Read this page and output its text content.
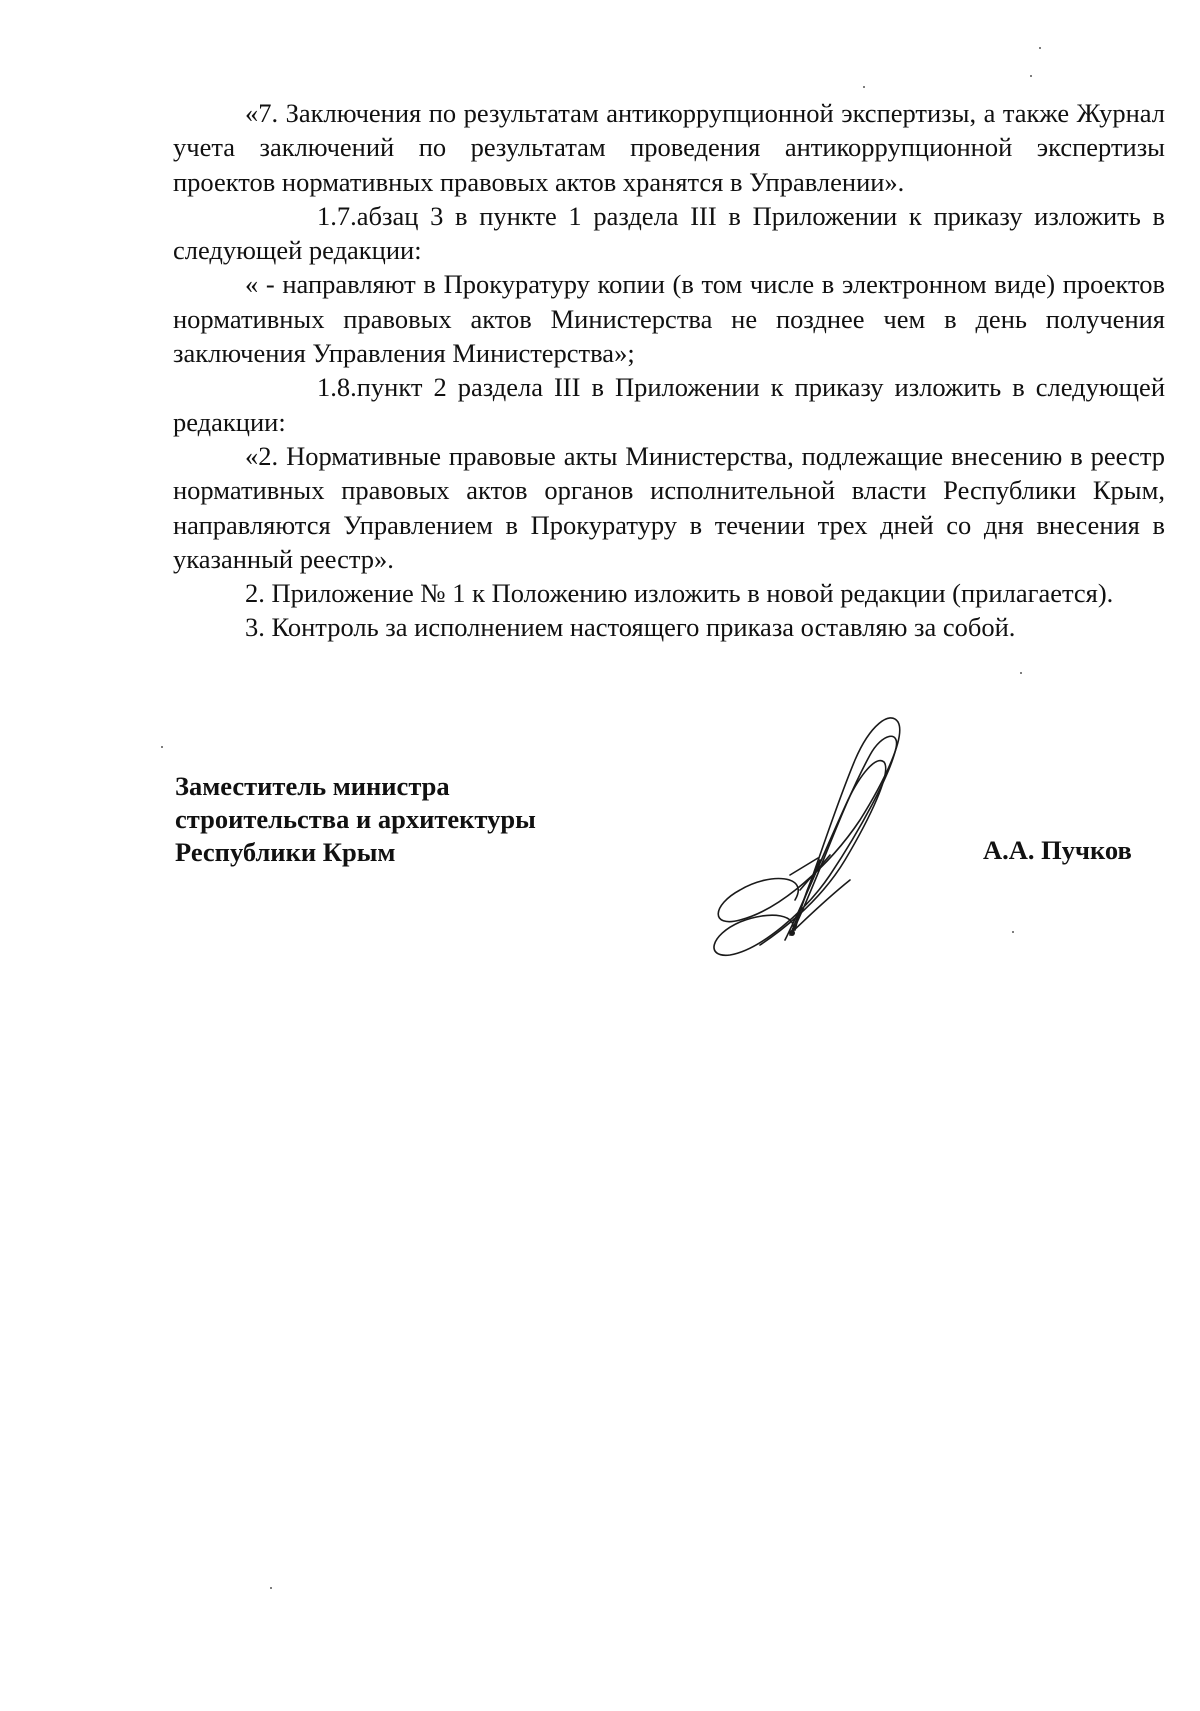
«7. Заключения по результатам антикоррупционной экспертизы, а также Журнал учета заключений по результатам проведения антикоррупционной экспертизы проектов нормативных правовых актов хранятся в Управлении».

1.7.абзац 3 в пункте 1 раздела III в Приложении к приказу изложить в следующей редакции:

« - направляют в Прокуратуру копии (в том числе в электронном виде) проектов нормативных правовых актов Министерства не позднее чем в день получения заключения Управления Министерства»;

1.8.пункт 2 раздела III в Приложении к приказу изложить в следующей редакции:

«2. Нормативные правовые акты Министерства, подлежащие внесению в реестр нормативных правовых актов органов исполнительной власти Республики Крым, направляются Управлением в Прокуратуру в течении трех дней со дня внесения в указанный реестр».

2. Приложение № 1 к Положению изложить в новой редакции (прилагается).

3. Контроль за исполнением настоящего приказа оставляю за собой.

Заместитель министра
строительства и архитектуры
Республики Крым	А.А. Пучков
